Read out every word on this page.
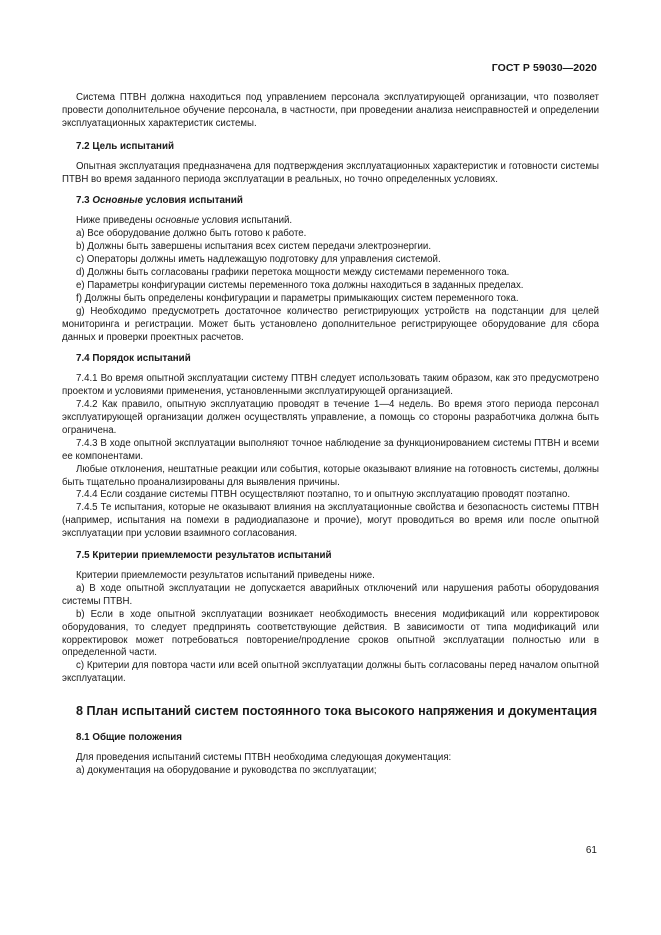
ГОСТ Р 59030—2020

Система ПТВН должна находиться под управлением персонала эксплуатирующей организации, что позволяет провести дополнительное обучение персонала, в частности, при проведении анализа неисправностей и определении эксплуатационных характеристик системы.

7.2 Цель испытаний

Опытная эксплуатация предназначена для подтверждения эксплуатационных характеристик и готовности системы ПТВН во время заданного периода эксплуатации в реальных, но точно определенных условиях.

7.3 Основные условия испытаний

Ниже приведены основные условия испытаний.

a) Все оборудование должно быть готово к работе.

b) Должны быть завершены испытания всех систем передачи электроэнергии.

c) Операторы должны иметь надлежащую подготовку для управления системой.

d) Должны быть согласованы графики перетока мощности между системами переменного тока.

e) Параметры конфигурации системы переменного тока должны находиться в заданных пределах.

f) Должны быть определены конфигурации и параметры примыкающих систем переменного тока.

g) Необходимо предусмотреть достаточное количество регистрирующих устройств на подстанции для целей мониторинга и регистрации. Может быть установлено дополнительное регистрирующее оборудование для сбора данных и проверки проектных расчетов.

7.4 Порядок испытаний

7.4.1 Во время опытной эксплуатации систему ПТВН следует использовать таким образом, как это предусмотрено проектом и условиями применения, установленными эксплуатирующей организацией.

7.4.2 Как правило, опытную эксплуатацию проводят в течение 1—4 недель. Во время этого периода персонал эксплуатирующей организации должен осуществлять управление, а помощь со стороны разработчика должна быть ограничена.

7.4.3 В ходе опытной эксплуатации выполняют точное наблюдение за функционированием системы ПТВН и всеми ее компонентами.

Любые отклонения, нештатные реакции или события, которые оказывают влияние на готовность системы, должны быть тщательно проанализированы для выявления причины.

7.4.4 Если создание системы ПТВН осуществляют поэтапно, то и опытную эксплуатацию проводят поэтапно.

7.4.5 Те испытания, которые не оказывают влияния на эксплуатационные свойства и безопасность системы ПТВН (например, испытания на помехи в радиодиапазоне и прочие), могут проводиться во время или после опытной эксплуатации при условии взаимного согласования.

7.5 Критерии приемлемости результатов испытаний

Критерии приемлемости результатов испытаний приведены ниже.

a) В ходе опытной эксплуатации не допускается аварийных отключений или нарушения работы оборудования системы ПТВН.

b) Если в ходе опытной эксплуатации возникает необходимость внесения модификаций или корректировок оборудования, то следует предпринять соответствующие действия. В зависимости от типа модификаций или корректировок может потребоваться повторение/продление сроков опытной эксплуатации полностью или в определенной части.

c) Критерии для повтора части или всей опытной эксплуатации должны быть согласованы перед началом опытной эксплуатации.

8 План испытаний систем постоянного тока высокого напряжения и документация
8.1 Общие положения

Для проведения испытаний системы ПТВН необходима следующая документация:

а) документация на оборудование и руководства по эксплуатации;

61
